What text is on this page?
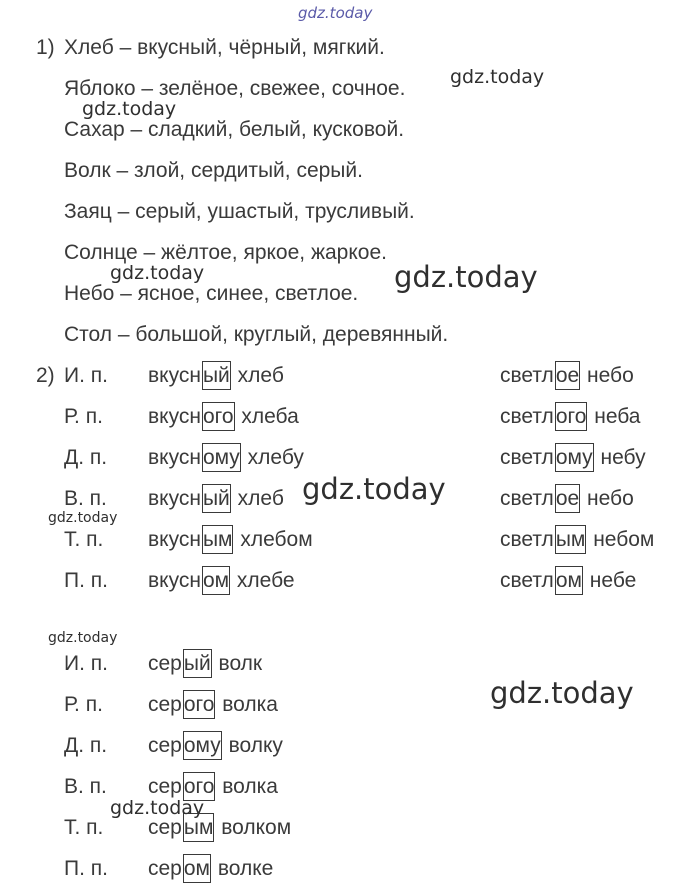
gdz.today
1) Хлеб – вкусный, чёрный, мягкий.
Яблоко – зелёное, свежее, сочное.
Сахар – сладкий, белый, кусковой.
Волк – злой, сердитый, серый.
Заяц – серый, ушастый, трусливый.
Солнце – жёлтое, яркое, жаркое.
Небо – ясное, синее, светлое.
Стол – большой, круглый, деревянный.
2) И. п.
Р. п.
Д. п.
В. п.
Т. п.
П. п.
вкусный хлеб
вкусного хлеба
вкусному хлебу
вкусный хлеб
вкусным хлебом
вкусном хлебе
светлое небо
светлого неба
светлому небу
светлое небо
светлым небом
светлом небе
И. п.
Р. п.
Д. п.
В. п.
Т. п.
П. п.
серый волк
серого волка
серому волку
серого волка
серым волком
сером волке
gdz.today
gdz.today
gdz.today	gdz.today
gdz.today
gdz.today
gdz.today
gdz.today
gdz.today
